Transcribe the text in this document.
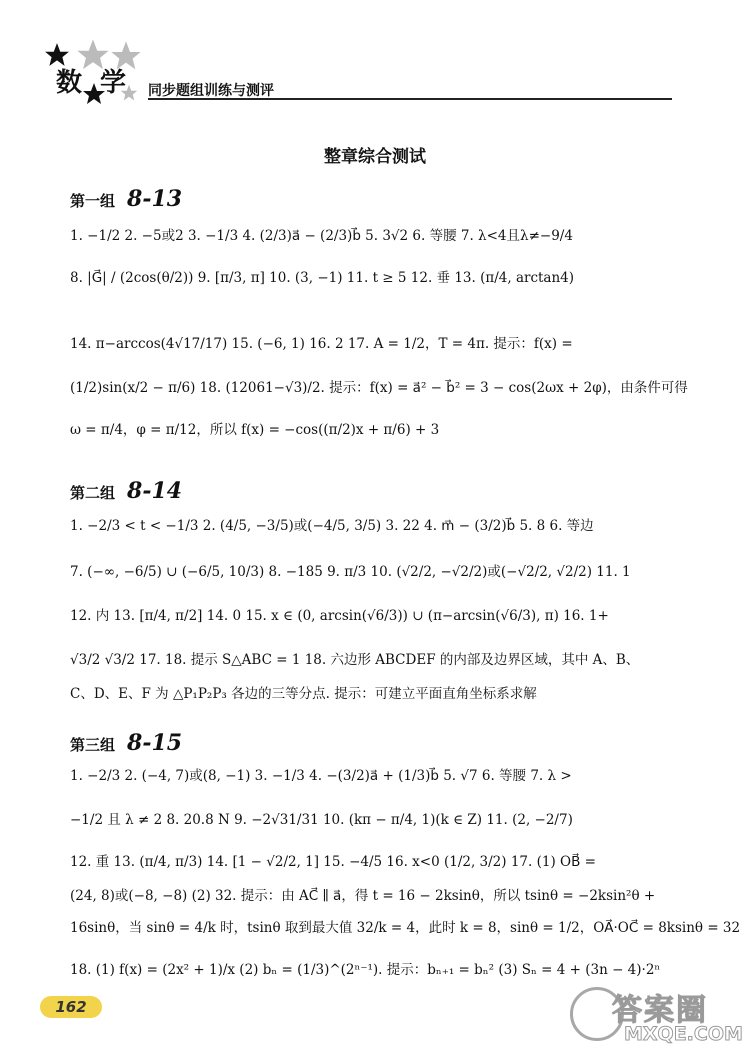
数学 同步题组训练与测评
整章综合测试
第一组 8-13
1. −1/2 2. −5或2 3. −1/3 4. (2/3)a⃗ − (2/3)b⃗ 5. 3√2 6. 等腰 7. λ<4且λ≠−9/4
8. |G⃗| / (2cos(θ/2)) 9. [π/3, π] 10. (3, −1) 11. t ≥ 5 12. 垂 13. (π/4, arctan4)
14. π−arccos(4√17/17) 15. (−6, 1) 16. 2 17. A = 1/2，T = 4π. 提示：f(x) =
(1/2)sin(x/2 − π/6) 18. (12061−√3)/2. 提示：f(x) = a⃗² − b⃗² = 3 − cos(2ωx + 2φ)，由条件可得
ω = π/4，φ = π/12，所以 f(x) = −cos((π/2)x + π/6) + 3
第二组 8-14
1. −2/3 < t < −1/3 2. (4/5, −3/5)或(−4/5, 3/5) 3. 22 4. m⃗ − (3/2)b⃗ 5. 8 6. 等边
7. (−∞, −6/5) ∪ (−6/5, 10/3) 8. −185 9. π/3 10. (√2/2, −√2/2)或(−√2/2, √2/2) 11. 1
12. 内 13. [π/4, π/2] 14. 0 15. x ∈ (0, arcsin(√6/3)) ∪ (π−arcsin(√6/3), π) 16. 1+
√3/2 √3/2 17. 18. 提示 S△ABC = 1 18. 六边形 ABCDEF 的内部及边界区域，其中 A、B、
C、D、E、F 为 △P₁P₂P₃ 各边的三等分点. 提示：可建立平面直角坐标系求解
第三组 8-15
1. −2/3 2. (−4, 7)或(8, −1) 3. −1/3 4. −(3/2)a⃗ + (1/3)b⃗ 5. √7 6. 等腰 7. λ >
−1/2 且 λ ≠ 2 8. 20.8 N 9. −2√31/31 10. (kπ − π/4, 1)(k ∈ Z) 11. (2, −2/7)
12. 重 13. (π/4, π/3) 14. [1 − √2/2, 1] 15. −4/5 16. x<0 (1/2, 3/2) 17. (1) OB⃗ =
(24, 8)或(−8, −8) (2) 32. 提示：由 AC⃗ ∥ a⃗，得 t = 16 − 2ksinθ，所以 tsinθ = −2ksin²θ +
16sinθ，当 sinθ = 4/k 时，tsinθ 取到最大值 32/k = 4，此时 k = 8，sinθ = 1/2，OA⃗·OC⃗ = 8ksinθ = 32
18. (1) f(x) = (2x² + 1)/x (2) bₙ = (1/3)^(2ⁿ⁻¹). 提示：bₙ₊₁ = bₙ² (3) Sₙ = 4 + (3n − 4)·2ⁿ
162	答案圈
MXQE.COM
